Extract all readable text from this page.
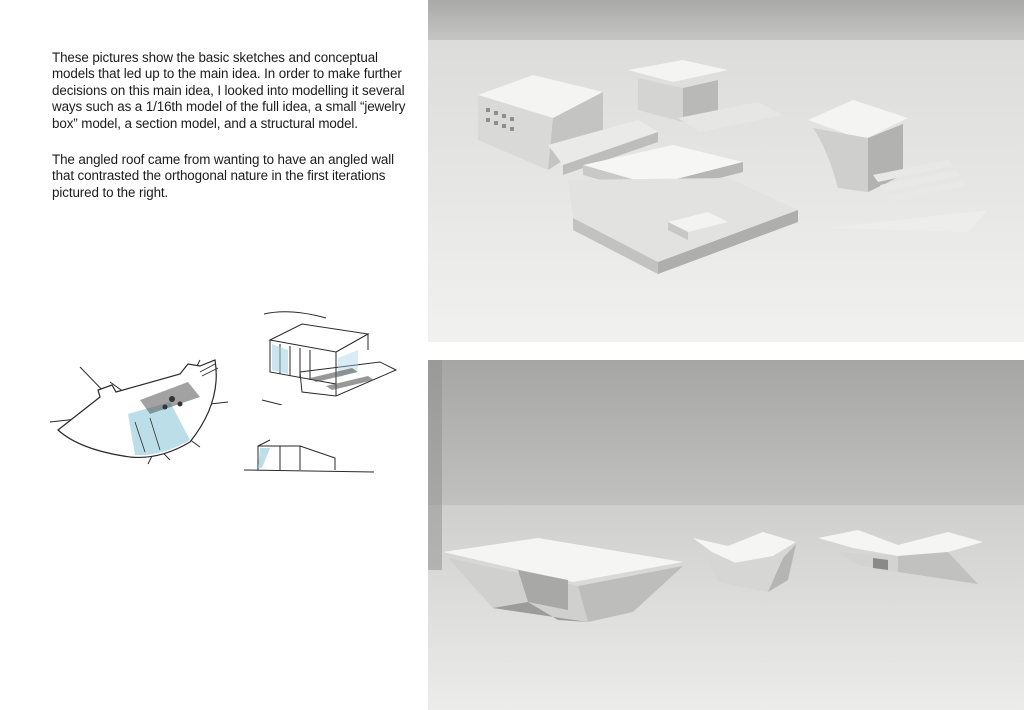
These pictures show the basic sketches and conceptual models that led up to the main idea. In order to make further decisions on this main idea, I looked into modelling it several ways such as a 1/16th model of the full idea, a small “jewelry box” model, a section model, and a structural model.

The angled roof came from wanting to have an angled wall that contrasted the orthogonal nature in the first iterations pictured to the right.
